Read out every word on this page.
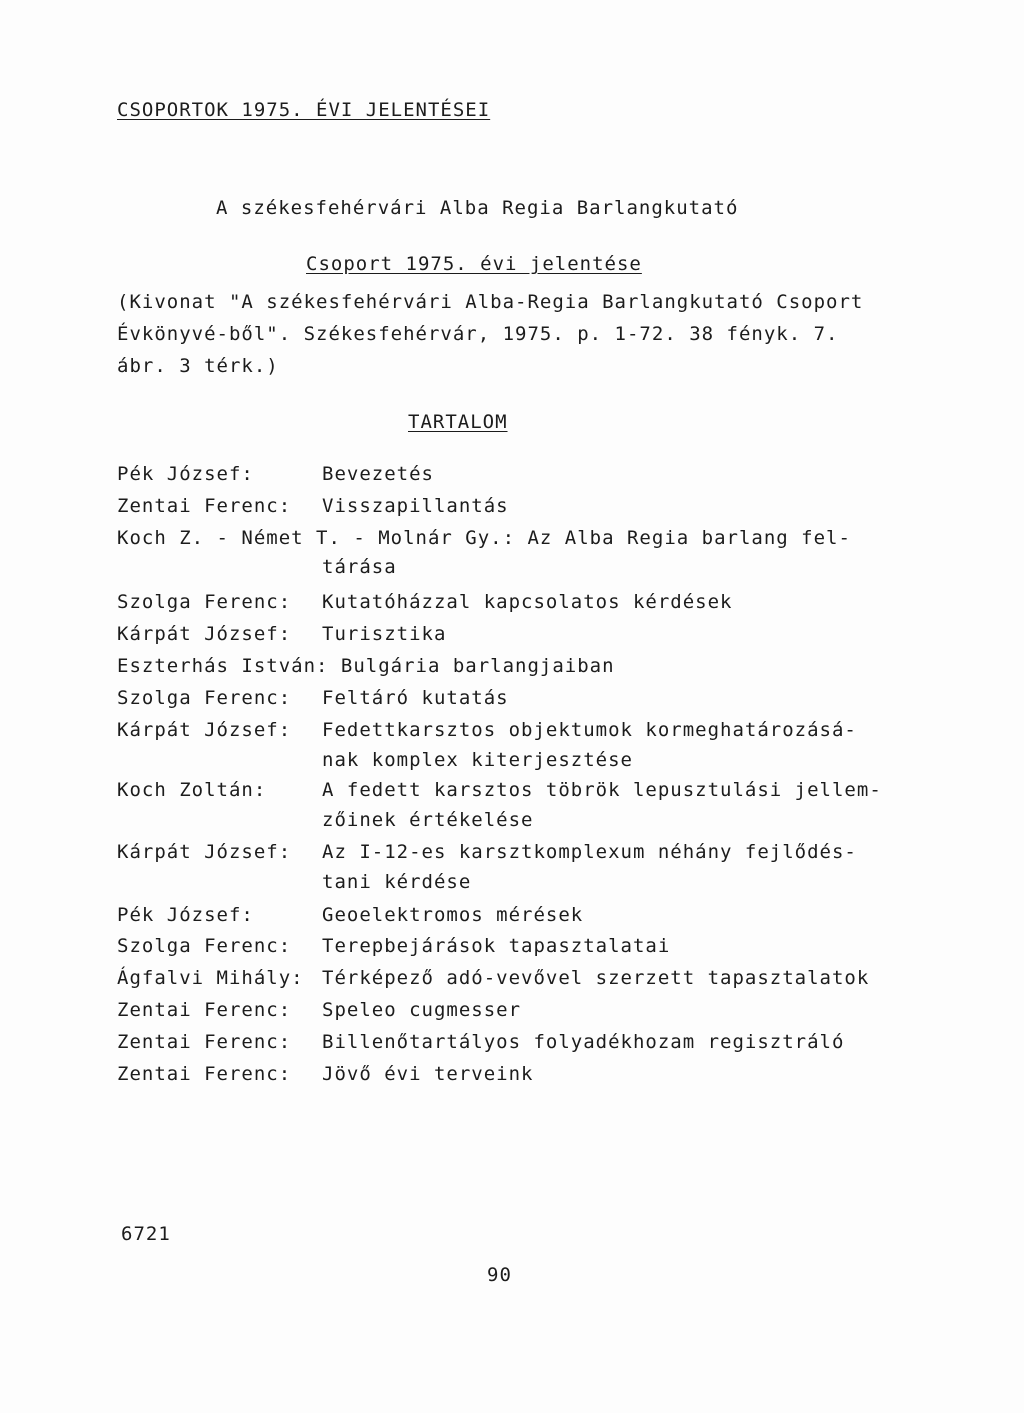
CSOPORTOK 1975. ÉVI JELENTÉSEI
A székesfehérvári Alba Regia Barlangkutató
Csoport 1975. évi jelentése
(Kivonat "A székesfehérvári Alba-Regia Barlangkutató Csoport
Évkönyvé-ből". Székesfehérvár, 1975. p. 1-72. 38 fényk. 7.
ábr. 3 térk.)
TARTALOM
Pék József:	Bevezetés
Zentai Ferenc: Visszapillantás
Koch Z. - Német T. - Molnár Gy.: Az Alba Regia barlang fel-
tárása
Szolga Ferenc: Kutatóházzal kapcsolatos kérdések
Kárpát József: Turisztika
Eszterhás István: Bulgária barlangjaiban
Szolga Ferenc: Feltáró kutatás
Kárpát József: Fedettkarsztos objektumok kormeghatározásá-
nak komplex kiterjesztése
Koch Zoltán:	A fedett karsztos töbrök lepusztulási jellem-
zőinek értékelése
Kárpát József: Az I-12-es karsztkomplexum néhány fejlődés-
tani kérdése
Pék József:	Geoelektromos mérések
Szolga Ferenc: Terepbejárások tapasztalatai
Ágfalvi Mihály: Térképező adó-vevővel szerzett tapasztalatok
Zentai Ferenc: Speleo cugmesser
Zentai Ferenc: Billenőtartályos folyadékhozam regisztráló
Zentai Ferenc: Jövő évi terveink
6721
90
